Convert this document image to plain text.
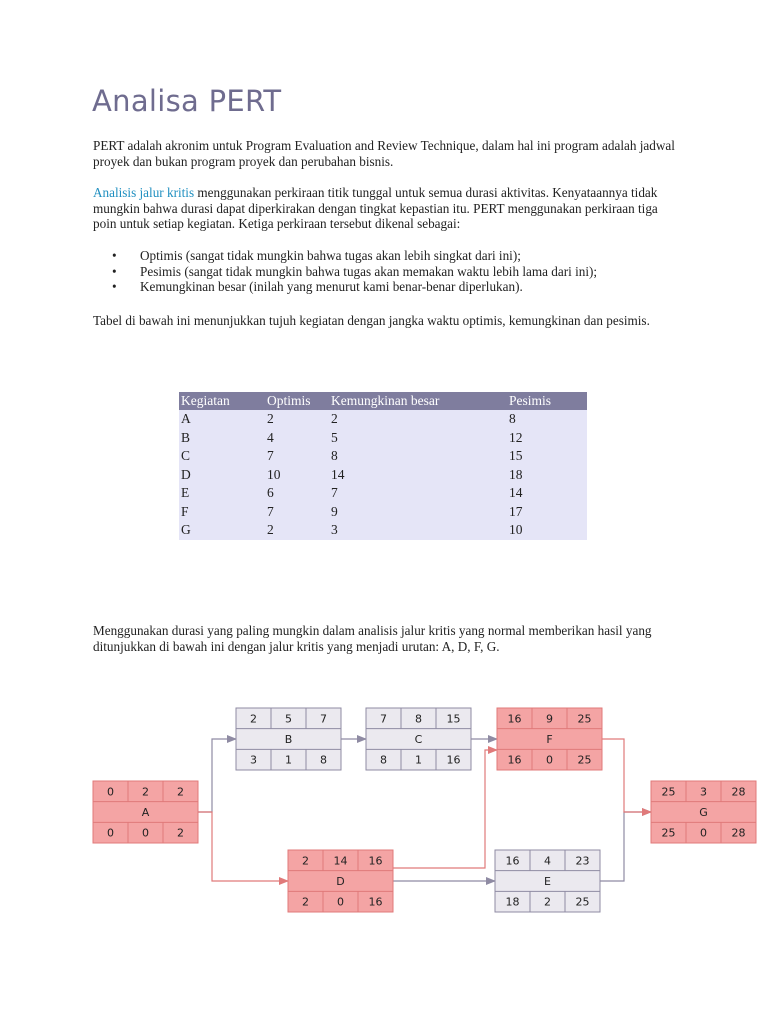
Analisa PERT

PERT adalah akronim untuk Program Evaluation and Review Technique, dalam hal ini program adalah jadwal proyek dan bukan program proyek dan perubahan bisnis.

Analisis jalur kritis menggunakan perkiraan titik tunggal untuk semua durasi aktivitas. Kenyataannya tidak mungkin bahwa durasi dapat diperkirakan dengan tingkat kepastian itu. PERT menggunakan perkiraan tiga poin untuk setiap kegiatan. Ketiga perkiraan tersebut dikenal sebagai:

• Optimis (sangat tidak mungkin bahwa tugas akan lebih singkat dari ini);
• Pesimis (sangat tidak mungkin bahwa tugas akan memakan waktu lebih lama dari ini);
• Kemungkinan besar (inilah yang menurut kami benar-benar diperlukan).

Tabel di bawah ini menunjukkan tujuh kegiatan dengan jangka waktu optimis, kemungkinan dan pesimis.

Kegiatan	Optimis	Kemungkinan besar	Pesimis
A	2	2	8
B	4	5	12
C	7	8	15
D	10	14	18
E	6	7	14
F	7	9	17
G	2	3	10

Menggunakan durasi yang paling mungkin dalam analisis jalur kritis yang normal memberikan hasil yang ditunjukkan di bawah ini dengan jalur kritis yang menjadi urutan: A, D, F, G.

0	2	2
A
0	0	2
2	5	7
B
3	1	8
7	8 15
C
8	1 16
16 9 25
F
16 0 25
2 14 16
D
2	0 16
16 4 23
E
18 2 25
25 3 28
G
25 0 28
